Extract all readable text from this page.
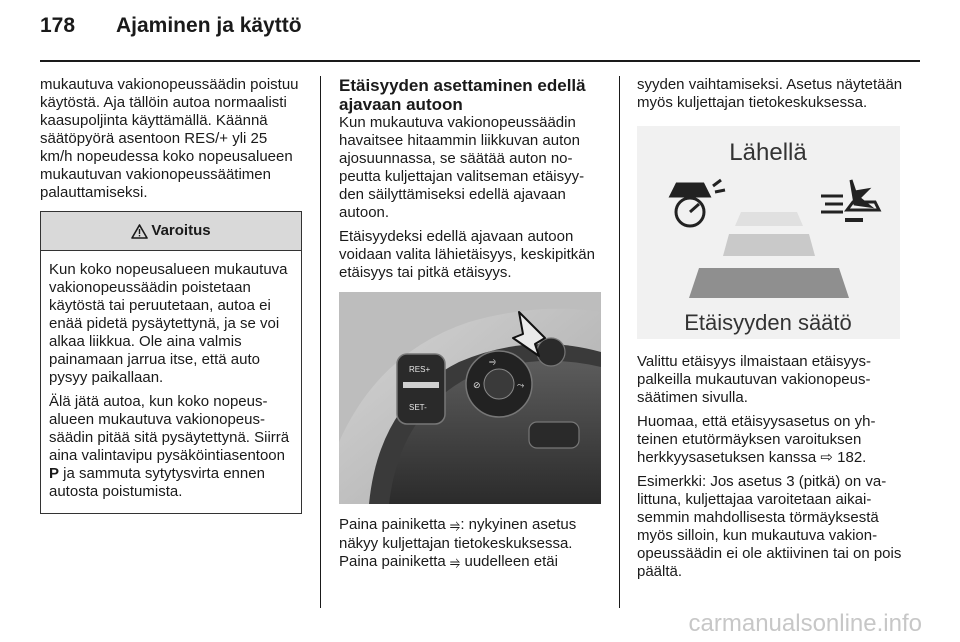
178 Ajaminen ja käyttö

mukautuva vakionopeussäädin poistuu käytöstä. Aja tällöin autoa normaalisti kaasupoljinta käyttämällä. Käännä säätöpyörä asentoon RES/+ yli 25 km/h nopeudessa koko nopeusalueen mukautuvan vakionopeussäätimen palauttamiseksi.

Varoitus

Kun koko nopeusalueen mukautuva vakionopeussäädin poistetaan käytöstä tai peruutetaan, autoa ei enää pidetä pysäytettynä, ja se voi alkaa liikkua. Ole aina valmis painamaan jarrua itse, että auto pysyy paikallaan.

Älä jätä autoa, kun koko nopeusalueen mukautuva vakionopeussäädin pitää sitä pysäytettynä. Siirrä aina valintavipu pysäköintiasentoon P ja sammuta sytytysvirta ennen autosta poistumista.

Etäisyyden asettaminen edellä ajavaan autoon

Kun mukautuva vakionopeussäädin havaitsee hitaammin liikkuvan auton ajosuunnassa, se säätää auton nopeutta kuljettajan valitseman etäisyyden säilyttämiseksi edellä ajavaan autoon.

Etäisyydeksi edellä ajavaan autoon voidaan valita lähietäisyys, keskipitkän etäisyys tai pitkä etäisyys.

RES+
SET-
⥤
⊘	⤳

Paina painiketta ⥤: nykyinen asetus näkyy kuljettajan tietokeskuksessa. Paina painiketta ⥤ uudelleen etäi

syyden vaihtamiseksi. Asetus näytetään myös kuljettajan tietokeskuksessa.

Lähellä
Etäisyyden säätö

Valittu etäisyys ilmaistaan etäisyyspalkeilla mukautuvan vakionopeussäätimen sivulla.

Huomaa, että etäisyysasetus on yhteinen etutörmäyksen varoituksen herkkyysasetuksen kanssa ⇨ 182.

Esimerkki: Jos asetus 3 (pitkä) on valittuna, kuljettajaa varoitetaan aikaisemmin mahdollisesta törmäyksestä myös silloin, kun mukautuva vakionopeussäädin ei ole aktiivinen tai on pois päältä.

carmanualsonline.info
